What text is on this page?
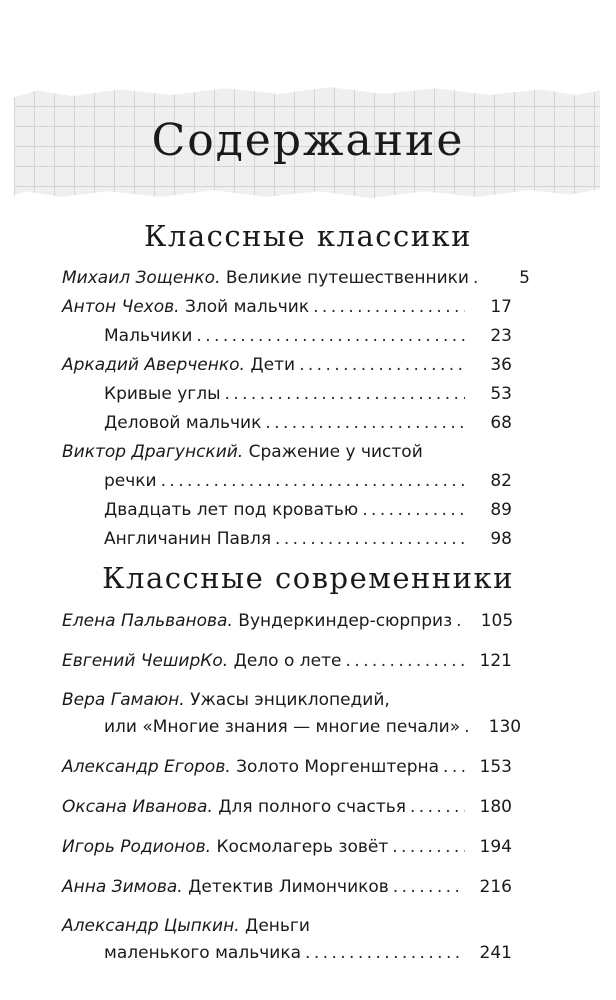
Содержание
Классные классики
Михаил Зощенко.
Великие путешественники . . .	5
Антон Чехов.
Злой мальчик . . .	17
Мальчики . . .	23
Аркадий Аверченко.
Дети . . .	36
Кривые углы . . .	53
Деловой мальчик . . .	68
Виктор Драгунский.
Сражение у чистой
речки . . .	82
Двадцать лет под кроватью . . .	89
Англичанин Павля . . .	98
Классные современники
Елена Пальванова.
Вундеркиндер-сюрприз . . .	105
Евгений ЧеширКо.
Дело о лете . . .	121
Вера Гамаюн.
Ужасы энциклопедий,
или «Многие знания — многие печали» . . .	130
Александр Егоров.
Золото Моргенштерна . . .	153
Оксана Иванова.
Для полного счастья . . .	180
Игорь Родионов.
Космолагерь зовёт . . .	194
Анна Зимова.
Детектив Лимончиков . . .	216
Александр Цыпкин.
Деньги
маленького мальчика . . .	241
